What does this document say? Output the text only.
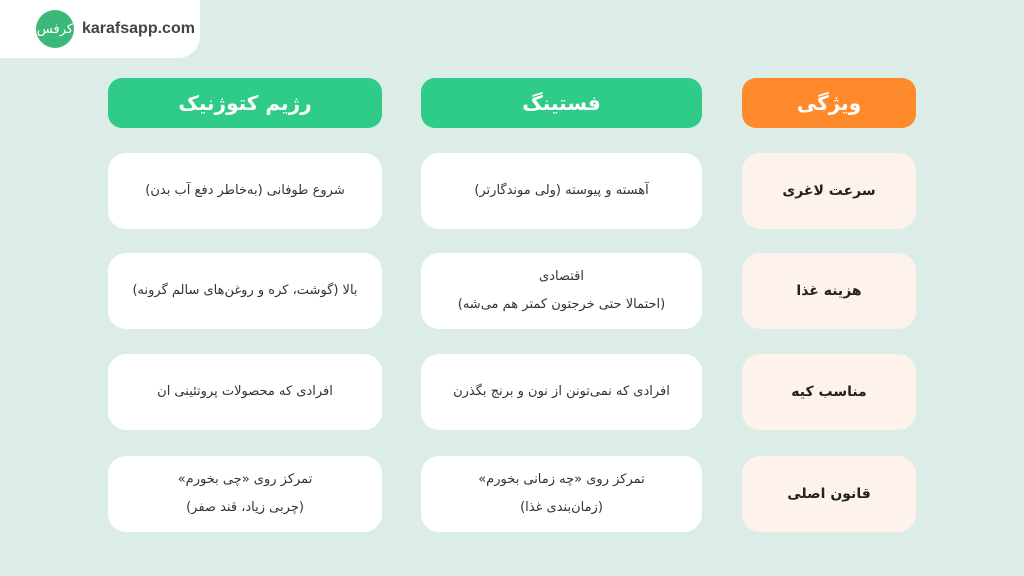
کرفس karafsapp.com
رژیم کتوژنیک	فستینگ	ویژگی
سرعت لاغری
آهسته و پیوسته (ولی موندگارتر)
شروع طوفانی (به‌خاطر دفع آب بدن)
هزینه غذا
اقتصادی
(احتمالا حتی خرجتون کمتر هم می‌شه)
بالا (گوشت، کره و روغن‌های سالم گرونه)
مناسب کیه
افرادی که نمی‌تونن از نون و برنج بگذرن
افرادی که محصولات پروتئینی ان
قانون اصلی
تمرکز روی «چه زمانی بخورم»
(زمان‌بندی غذا)
تمرکز روی «چی بخورم»
(چربی زیاد، قند صفر)
